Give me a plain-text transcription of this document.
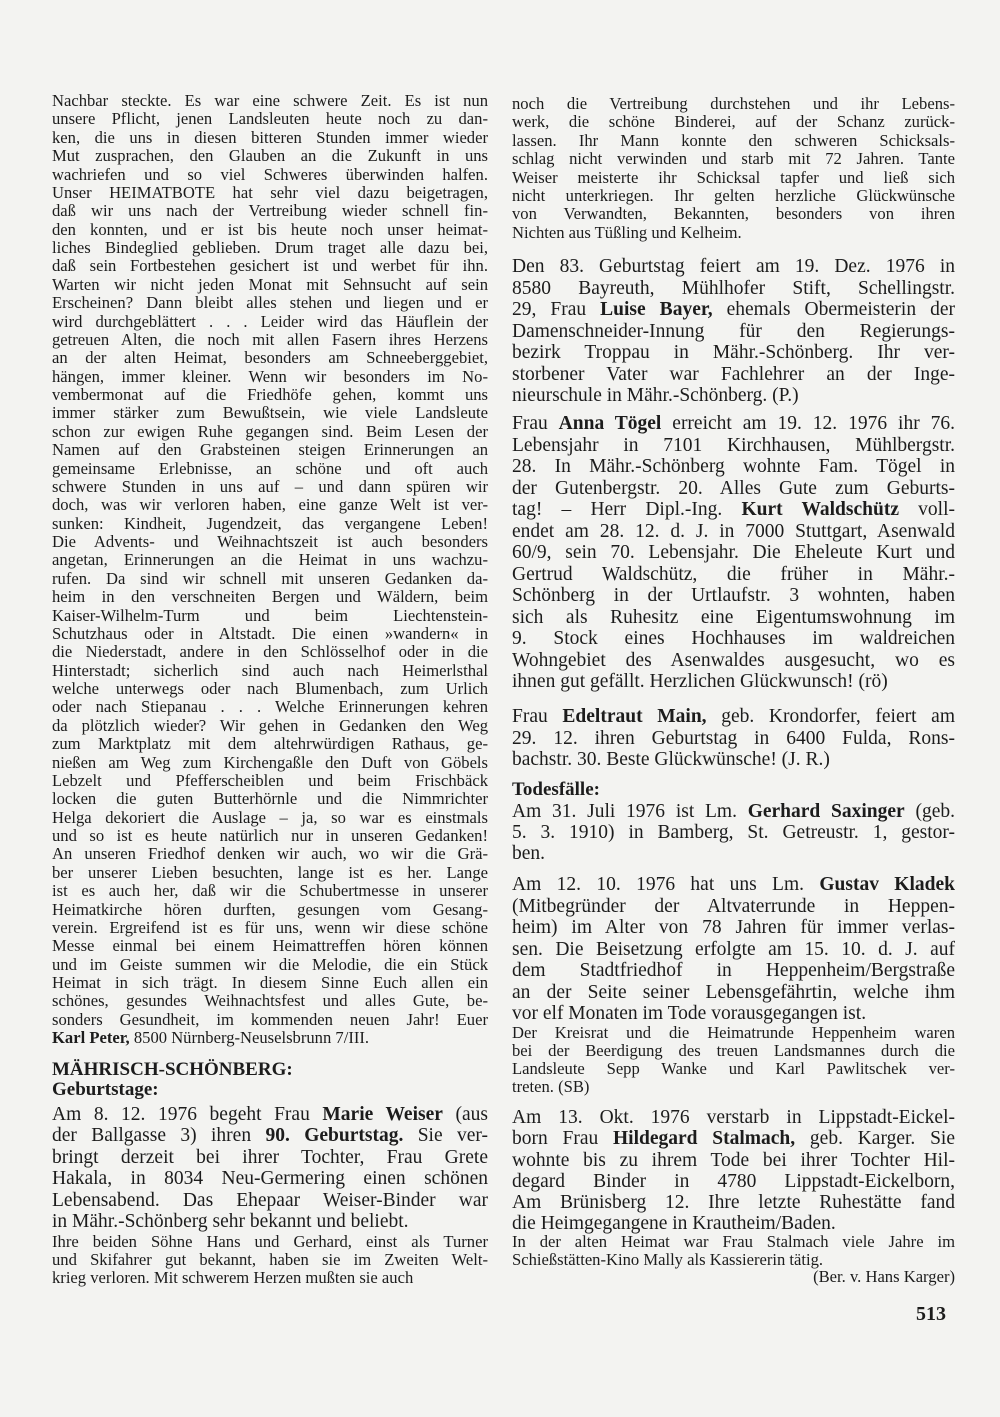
Nachbar steckte. Es war eine schwere Zeit. Es ist nun
unsere Pflicht, jenen Landsleuten heute noch zu dan-
ken, die uns in diesen bitteren Stunden immer wieder
Mut zusprachen, den Glauben an die Zukunft in uns
wachriefen und so viel Schweres überwinden halfen.
Unser HEIMATBOTE hat sehr viel dazu beigetragen,
daß wir uns nach der Vertreibung wieder schnell fin-
den konnten, und er ist bis heute noch unser heimat-
liches Bindeglied geblieben. Drum traget alle dazu bei,
daß sein Fortbestehen gesichert ist und werbet für ihn.
Warten wir nicht jeden Monat mit Sehnsucht auf sein
Erscheinen? Dann bleibt alles stehen und liegen und er
wird durchgeblättert . . . Leider wird das Häuflein der
getreuen Alten, die noch mit allen Fasern ihres Herzens
an der alten Heimat, besonders am Schneeberggebiet,
hängen, immer kleiner. Wenn wir besonders im No-
vembermonat auf die Friedhöfe gehen, kommt uns
immer stärker zum Bewußtsein, wie viele Landsleute
schon zur ewigen Ruhe gegangen sind. Beim Lesen der
Namen auf den Grabsteinen steigen Erinnerungen an
gemeinsame Erlebnisse, an schöne und oft auch
schwere Stunden in uns auf – und dann spüren wir
doch, was wir verloren haben, eine ganze Welt ist ver-
sunken: Kindheit, Jugendzeit, das vergangene Leben!
Die Advents- und Weihnachtszeit ist auch besonders
angetan, Erinnerungen an die Heimat in uns wachzu-
rufen. Da sind wir schnell mit unseren Gedanken da-
heim in den verschneiten Bergen und Wäldern, beim
Kaiser-Wilhelm-Turm und beim Liechtenstein-
Schutzhaus oder in Altstadt. Die einen »wandern« in
die Niederstadt, andere in den Schlösselhof oder in die
Hinterstadt; sicherlich sind auch nach Heimerlsthal
welche unterwegs oder nach Blumenbach, zum Urlich
oder nach Stiepanau . . . Welche Erinnerungen kehren
da plötzlich wieder? Wir gehen in Gedanken den Weg
zum Marktplatz mit dem altehrwürdigen Rathaus, ge-
nießen am Weg zum Kirchengaßle den Duft von Göbels
Lebzelt und Pfefferscheiblen und beim Frischbäck
locken die guten Butterhörnle und die Nimmrichter
Helga dekoriert die Auslage – ja, so war es einstmals
und so ist es heute natürlich nur in unseren Gedanken!
An unseren Friedhof denken wir auch, wo wir die Grä-
ber unserer Lieben besuchten, lange ist es her. Lange
ist es auch her, daß wir die Schubertmesse in unserer
Heimatkirche hören durften, gesungen vom Gesang-
verein. Ergreifend ist es für uns, wenn wir diese schöne
Messe einmal bei einem Heimattreffen hören können
und im Geiste summen wir die Melodie, die ein Stück
Heimat in sich trägt. In diesem Sinne Euch allen ein
schönes, gesundes Weihnachtsfest und alles Gute, be-
sonders Gesundheit, im kommenden neuen Jahr! Euer
Karl Peter, 8500 Nürnberg-Neuselsbrunn 7/III.
MÄHRISCH-SCHÖNBERG:
Geburtstage:
Am 8. 12. 1976 begeht Frau Marie Weiser (aus
der Ballgasse 3) ihren 90. Geburtstag. Sie ver-
bringt derzeit bei ihrer Tochter, Frau Grete
Hakala, in 8034 Neu-Germering einen schönen
Lebensabend. Das Ehepaar Weiser-Binder war
in Mähr.-Schönberg sehr bekannt und beliebt.
Ihre beiden Söhne Hans und Gerhard, einst als Turner
und Skifahrer gut bekannt, haben sie im Zweiten Welt-
krieg verloren. Mit schwerem Herzen mußten sie auch
noch die Vertreibung durchstehen und ihr Lebens-
werk, die schöne Binderei, auf der Schanz zurück-
lassen. Ihr Mann konnte den schweren Schicksals-
schlag nicht verwinden und starb mit 72 Jahren. Tante
Weiser meisterte ihr Schicksal tapfer und ließ sich
nicht unterkriegen. Ihr gelten herzliche Glückwünsche
von Verwandten, Bekannten, besonders von ihren
Nichten aus Tüßling und Kelheim.
Den 83. Geburtstag feiert am 19. Dez. 1976 in
8580 Bayreuth, Mühlhofer Stift, Schellingstr.
29, Frau Luise Bayer, ehemals Obermeisterin der
Damenschneider-Innung für den Regierungs-
bezirk Troppau in Mähr.-Schönberg. Ihr ver-
storbener Vater war Fachlehrer an der Inge-
nieurschule in Mähr.-Schönberg. (P.)
Frau Anna Tögel erreicht am 19. 12. 1976 ihr 76.
Lebensjahr in 7101 Kirchhausen, Mühlbergstr.
28. In Mähr.-Schönberg wohnte Fam. Tögel in
der Gutenbergstr. 20. Alles Gute zum Geburts-
tag! – Herr Dipl.-Ing. Kurt Waldschütz voll-
endet am 28. 12. d. J. in 7000 Stuttgart, Asenwald
60/9, sein 70. Lebensjahr. Die Eheleute Kurt und
Gertrud Waldschütz, die früher in Mähr.-
Schönberg in der Urtlaufstr. 3 wohnten, haben
sich als Ruhesitz eine Eigentumswohnung im
9. Stock eines Hochhauses im waldreichen
Wohngebiet des Asenwaldes ausgesucht, wo es
ihnen gut gefällt. Herzlichen Glückwunsch! (rö)
Frau Edeltraut Main, geb. Krondorfer, feiert am
29. 12. ihren Geburtstag in 6400 Fulda, Rons-
bachstr. 30. Beste Glückwünsche! (J. R.)
Todesfälle:
Am 31. Juli 1976 ist Lm. Gerhard Saxinger (geb.
5. 3. 1910) in Bamberg, St. Getreustr. 1, gestor-
ben.
Am 12. 10. 1976 hat uns Lm. Gustav Kladek
(Mitbegründer der Altvaterrunde in Heppen-
heim) im Alter von 78 Jahren für immer verlas-
sen. Die Beisetzung erfolgte am 15. 10. d. J. auf
dem Stadtfriedhof in Heppenheim/Bergstraße
an der Seite seiner Lebensgefährtin, welche ihm
vor elf Monaten im Tode vorausgegangen ist.
Der Kreisrat und die Heimatrunde Heppenheim waren
bei der Beerdigung des treuen Landsmannes durch die
Landsleute Sepp Wanke und Karl Pawlitschek ver-
treten. (SB)
Am 13. Okt. 1976 verstarb in Lippstadt-Eickel-
born Frau Hildegard Stalmach, geb. Karger. Sie
wohnte bis zu ihrem Tode bei ihrer Tochter Hil-
degard Binder in 4780 Lippstadt-Eickelborn,
Am Brünisberg 12. Ihre letzte Ruhestätte fand
die Heimgegangene in Krautheim/Baden.
In der alten Heimat war Frau Stalmach viele Jahre im
Schießstätten-Kino Mally als Kassiererin tätig.
(Ber. v. Hans Karger)
513
